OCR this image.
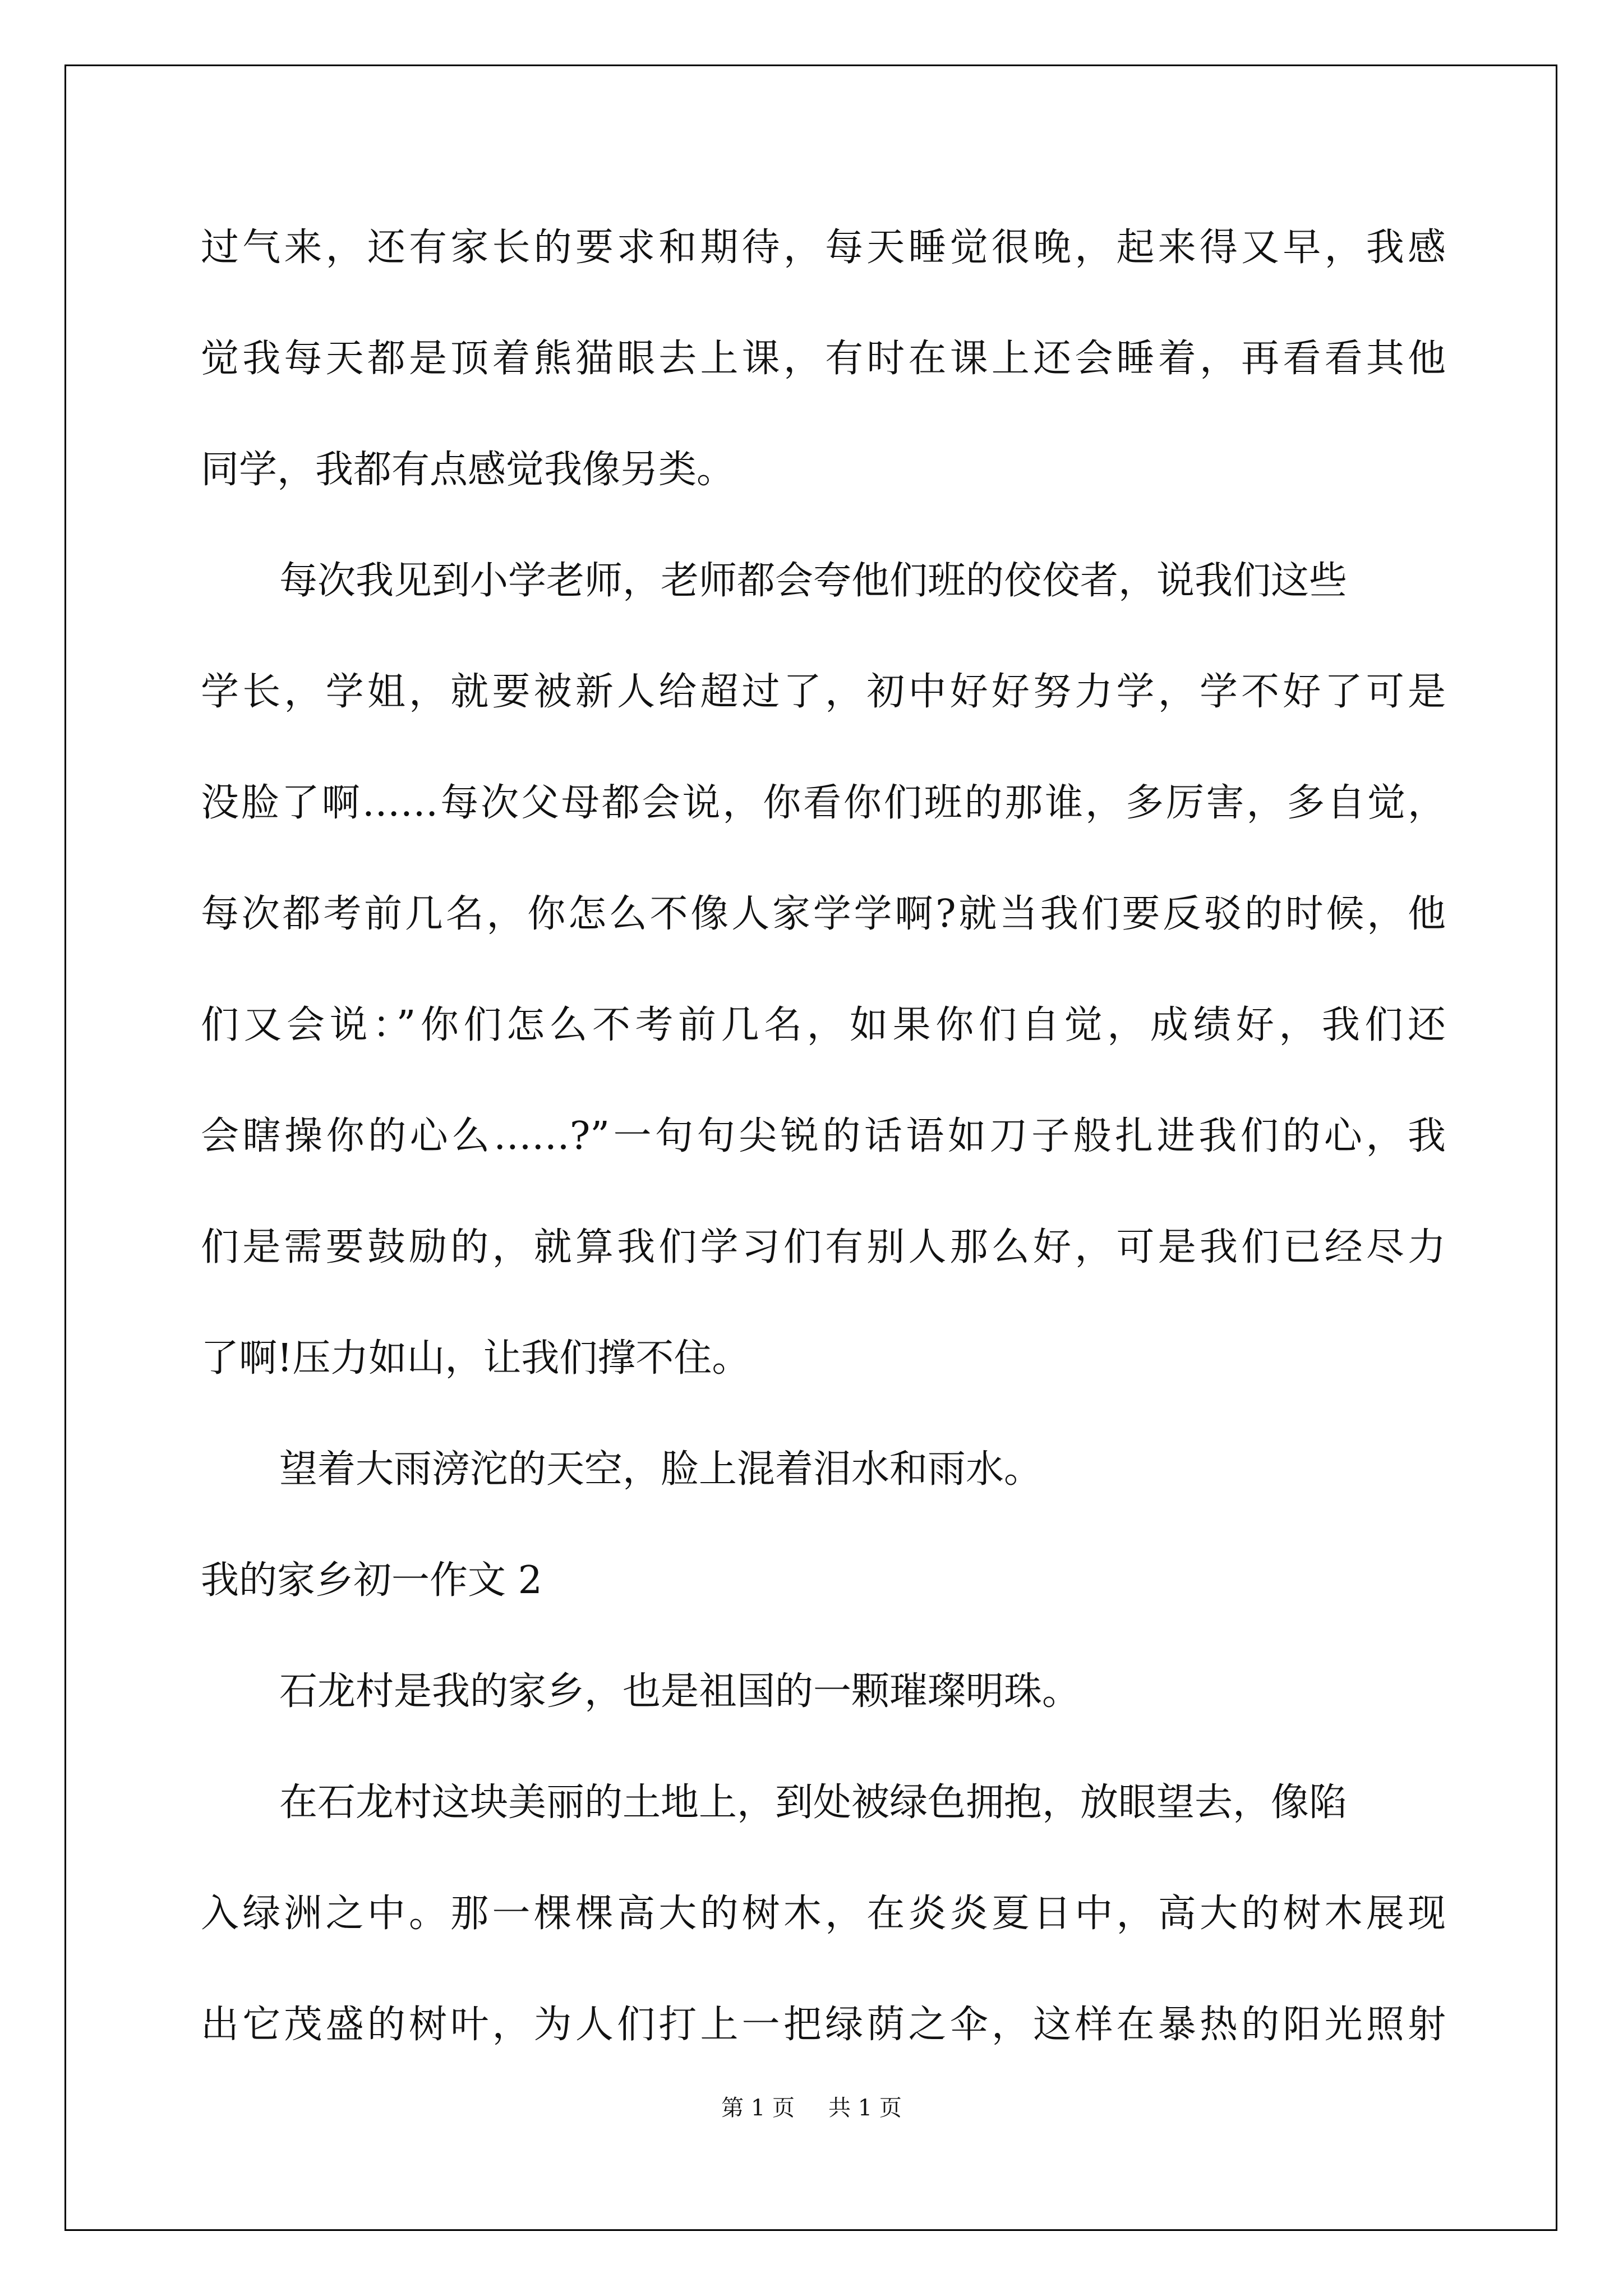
过气来，还有家长的要求和期待，每天睡觉很晚，起来得又早，我感

觉我每天都是顶着熊猫眼去上课，有时在课上还会睡着，再看看其他

同学，我都有点感觉我像另类。

每次我见到小学老师，老师都会夸他们班的佼佼者，说我们这些

学长，学姐，就要被新人给超过了，初中好好努力学，学不好了可是

没脸了啊……每次父母都会说，你看你们班的那谁，多厉害，多自觉，

每次都考前几名，你怎么不像人家学学啊?就当我们要反驳的时候，他

们又会说：”你们怎么不考前几名，如果你们自觉，成绩好，我们还

会瞎操你的心么……?”一句句尖锐的话语如刀子般扎进我们的心，我

们是需要鼓励的，就算我们学习们有别人那么好，可是我们已经尽力

了啊!压力如山，让我们撑不住。

望着大雨滂沱的天空，脸上混着泪水和雨水。

我的家乡初一作文 2

石龙村是我的家乡，也是祖国的一颗璀璨明珠。

在石龙村这块美丽的土地上，到处被绿色拥抱，放眼望去，像陷

入绿洲之中。那一棵棵高大的树木，在炎炎夏日中，高大的树木展现

出它茂盛的树叶，为人们打上一把绿荫之伞，这样在暴热的阳光照射

第 1 页 共 1 页
